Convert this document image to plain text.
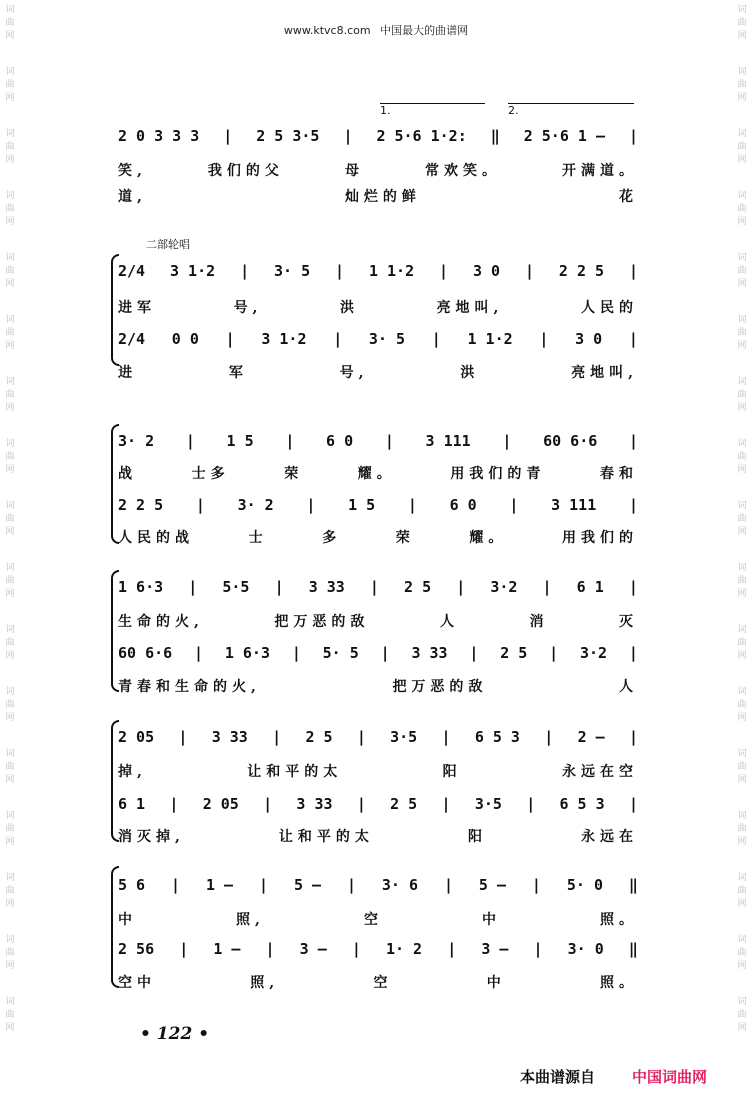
www.ktvc8.com 中国最大的曲谱网
词
曲
网
词
曲
网
词
曲
网
词
曲
网
词
曲
网
词
曲
网
词
曲
网
词
曲
网
词
曲
网
词
曲
网
词
曲
网
词
曲
网
词
曲
网
词
曲
网
词
曲
网
词
曲
网
词
曲
网
词
曲
网
词
曲
网
词
曲
网
词
曲
网
词
曲
网
词
曲
网
词
曲
网
词
曲
网
词
曲
网
词
曲
网
词
曲
网
词
曲
网
词
曲
网
词
曲
网
词
曲
网
词
曲
网
词
曲
网
1.	2.
2 0 3 3 3 | 2 5 3·5 | 2 5·6 1·2: ‖ 2 5·6 1 — |
笑,	我们的父	母	常欢笑。	开满道。
道,	灿烂的鲜	花
二部轮唱
2/4 3 1·2 | 3· 5 | 1 1·2 | 3 0 | 2 2 5 |
进军	号,	洪	亮地叫,	人民的
2/4 0 0 | 3 1·2 | 3· 5 | 1 1·2 | 3 0 |
进	军	号,	洪	亮地叫,
3· 2 | 1 5 | 6 0 | 3 111 | 60 6·6 |
战	士多	荣	耀。	用我们的青	春和
2 2 5 | 3· 2 | 1 5 | 6 0 | 3 111 |
人民的战	士	多	荣	耀。	用我们的
1 6·3 | 5·5 | 3 33 | 2 5 | 3·2 | 6 1 |
生命的火,	把万恶的敌	人	消	灭
60 6·6 | 1 6·3 | 5· 5 | 3 33 | 2 5 | 3·2 |
青春和生命的火,	把万恶的敌	人
2 05 | 3 33 | 2 5 | 3·5 | 6 5 3 | 2 — |
掉,	让和平的太	阳	永远在空
6 1 | 2 05 | 3 33 | 2 5 | 3·5 | 6 5 3 |
消灭掉,	让和平的太	阳	永远在
5 6 | 1 — | 5 — | 3· 6 | 5 — | 5· 0 ‖
中	照,	空	中	照。
2 56 | 1 — | 3 — | 1· 2 | 3 — | 3· 0 ‖
空中	照,	空	中	照。
• 122 •
本曲谱源自 中国词曲网
